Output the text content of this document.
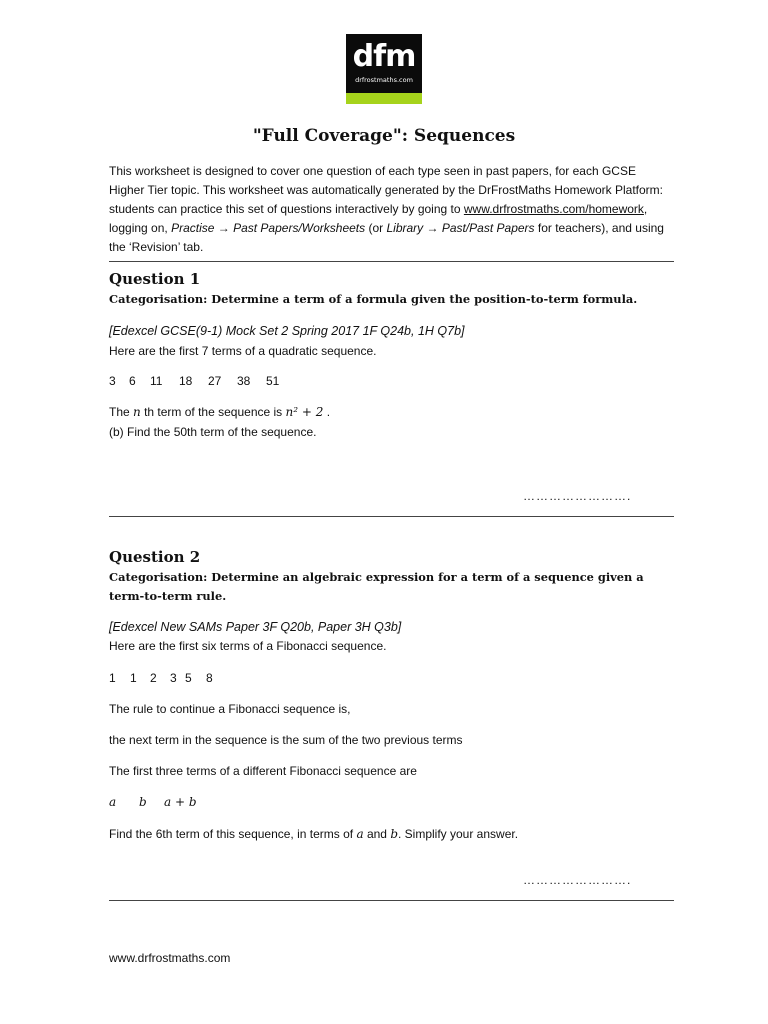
dfm
drfrostmaths.com
"Full Coverage": Sequences
This worksheet is designed to cover one question of each type seen in past papers, for each GCSE Higher Tier topic. This worksheet was automatically generated by the DrFrostMaths Homework Platform: students can practice this set of questions interactively by going to www.drfrostmaths.com/homework, logging on, Practise → Past Papers/Worksheets (or Library → Past/Past Papers for teachers), and using the ‘Revision’ tab.
Question 1
Categorisation: Determine a term of a formula given the position-to-term formula.
[Edexcel GCSE(9-1) Mock Set 2 Spring 2017 1F Q24b, 1H Q7b]
Here are the first 7 terms of a quadratic sequence.
3 6 11 18 27 38 51
The n th term of the sequence is n² + 2 .
(b) Find the 50th term of the sequence.
…………………….
Question 2
Categorisation: Determine an algebraic expression for a term of a sequence given a term-to-term rule.
[Edexcel New SAMs Paper 3F Q20b, Paper 3H Q3b]
Here are the first six terms of a Fibonacci sequence.
1 1 2 3 5 8
The rule to continue a Fibonacci sequence is,
the next term in the sequence is the sum of the two previous terms
The first three terms of a different Fibonacci sequence are
a b a + b
Find the 6th term of this sequence, in terms of a and b. Simplify your answer.
…………………….
www.drfrostmaths.com
